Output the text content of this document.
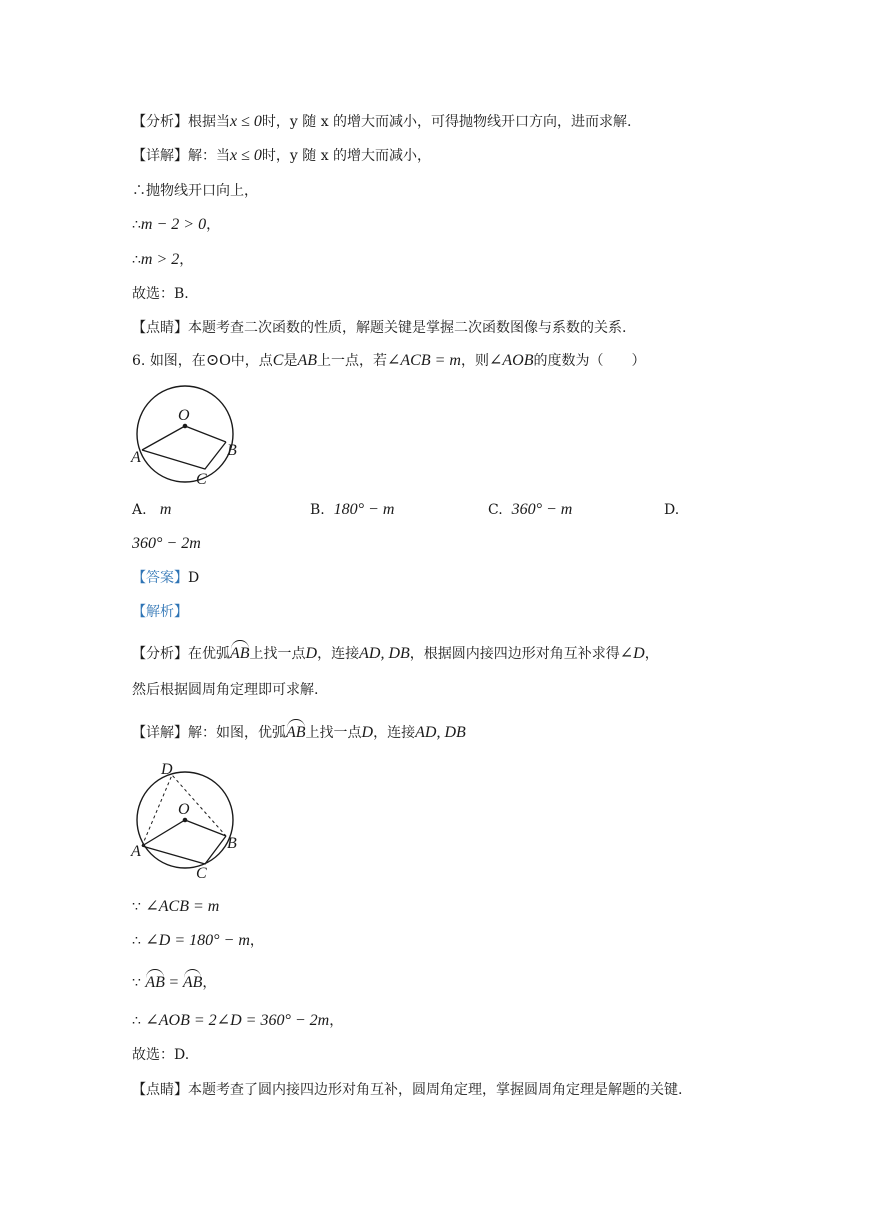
【分析】根据当x ≤ 0时，y 随 x 的增大而减小，可得抛物线开口方向，进而求解.
【详解】解：当x ≤ 0时，y 随 x 的增大而减小，
∴抛物线开口向上，
∴m − 2 > 0，
∴m > 2，
故选：B.
【点睛】本题考查二次函数的性质，解题关键是掌握二次函数图像与系数的关系.
6. 如图，在⊙O中，点C是AB上一点，若∠ACB = m，则∠AOB的度数为（　　）
O
A	B
C
A. m	B. 180° − m	C. 360° − m	D.
360° − 2m
【答案】D
【解析】
【分析】在优弧AB上找一点D，连接AD, DB，根据圆内接四边形对角互补求得∠D，
然后根据圆周角定理即可求解.
【详解】解：如图，优弧AB上找一点D，连接AD, DB
D
O
A	B
C
∵ ∠ACB = m
∴ ∠D = 180° − m，
∵ AB = AB，
∴ ∠AOB = 2∠D = 360° − 2m，
故选：D.
【点睛】本题考查了圆内接四边形对角互补，圆周角定理，掌握圆周角定理是解题的关键.
